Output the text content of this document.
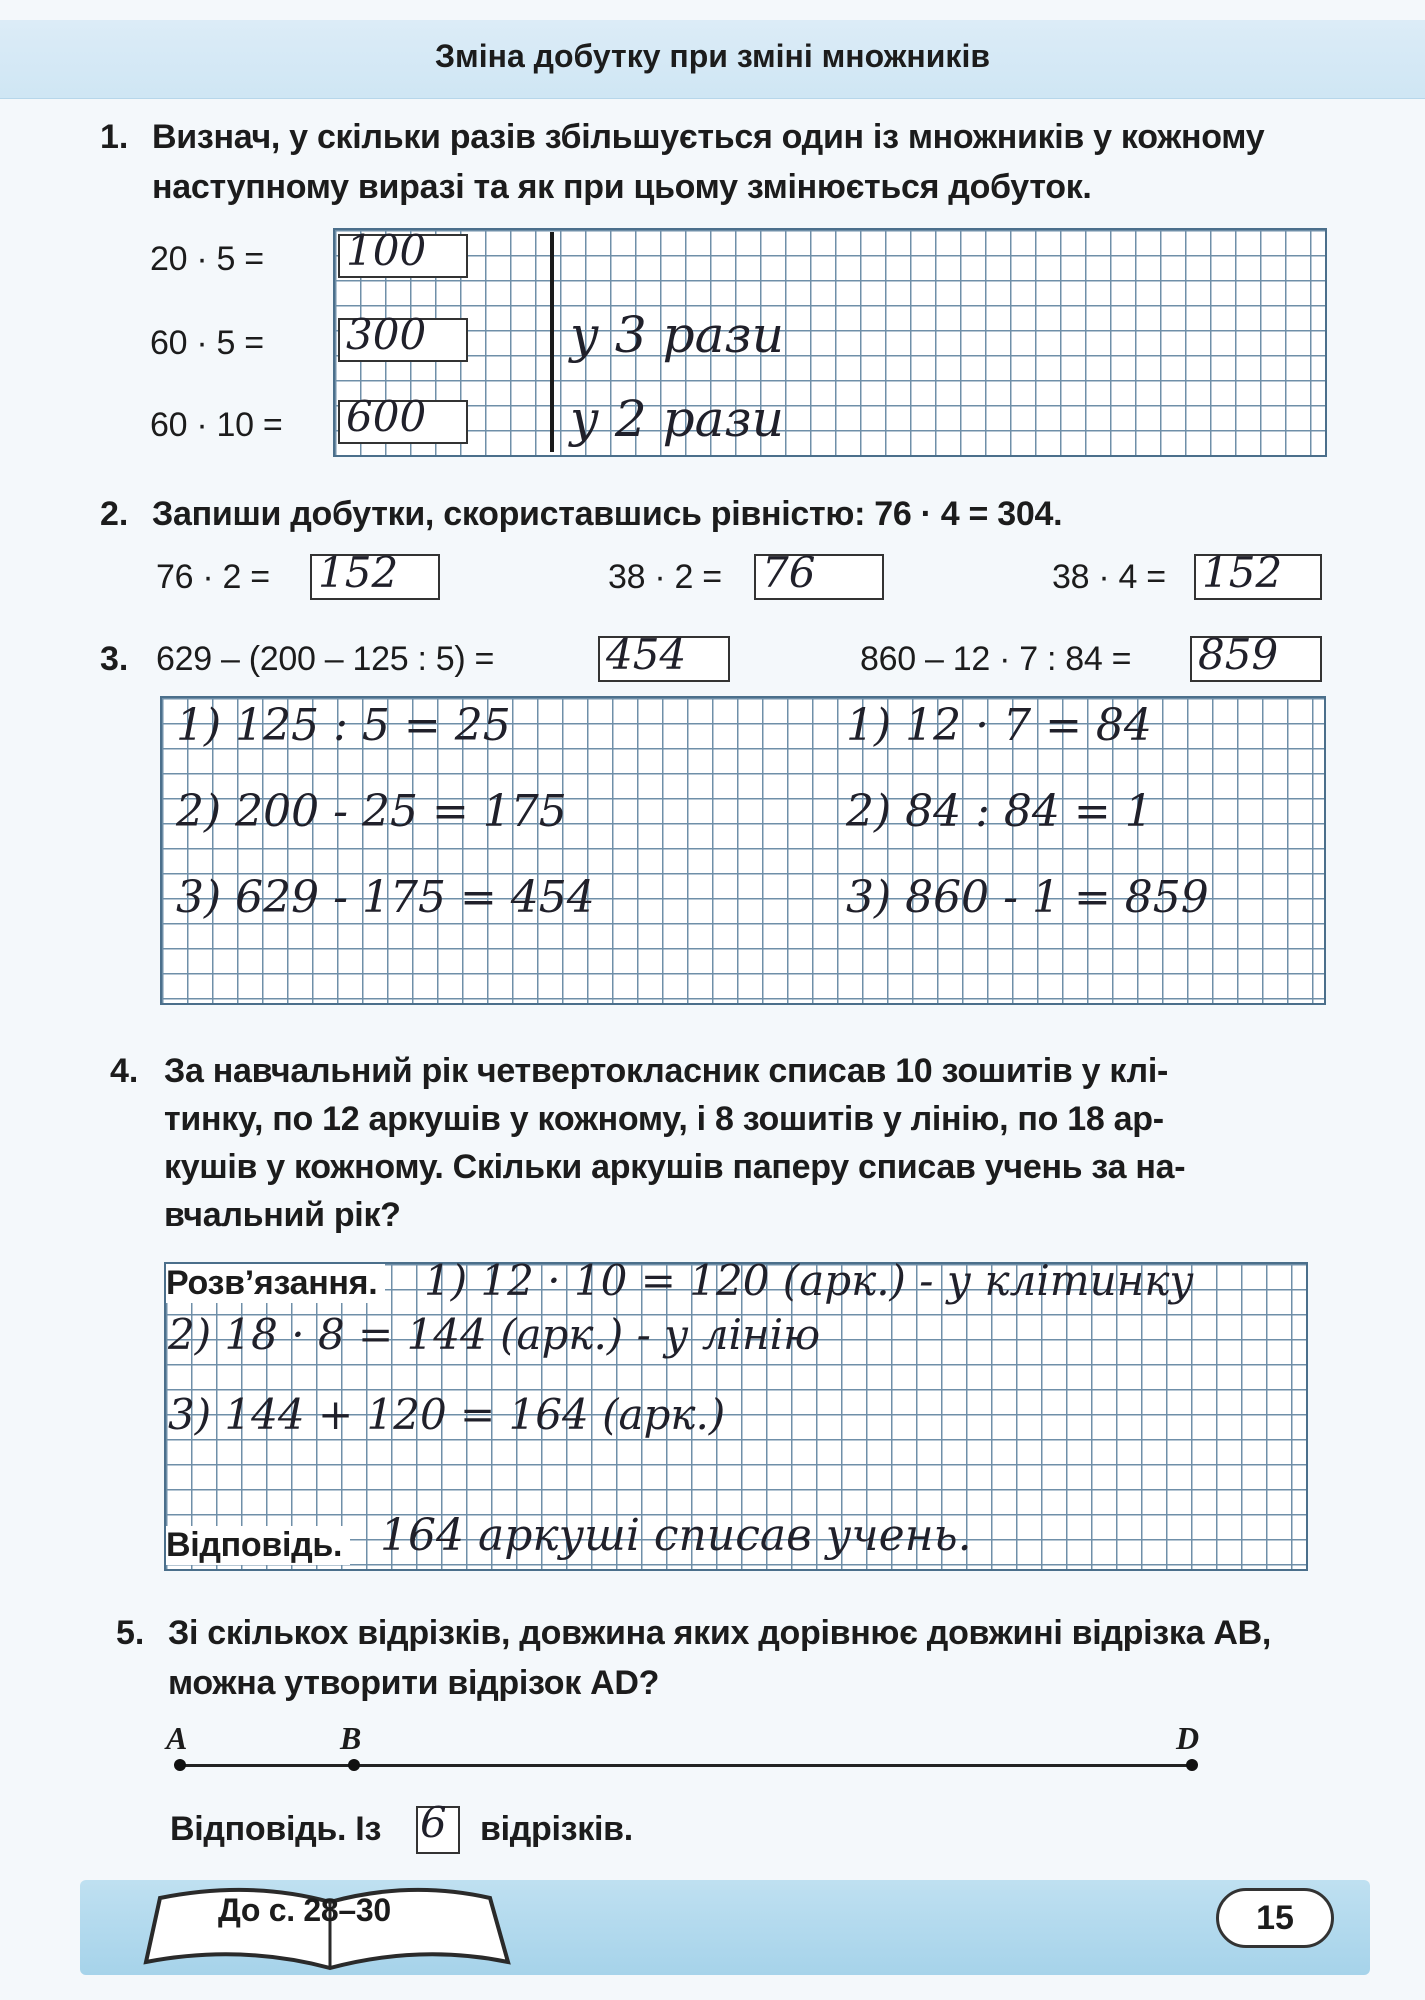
Зміна добутку при зміні множників
1. Визнач, у скільки разів збільшується один із множників у кожному
наступному виразі та як при цьому змінюється добуток.
20 · 5 = 100
60 · 5 = 300	у 3 рази
60 · 10 = 600	у 2 рази
2. Запиши добутки, скориставшись рівністю: 76 · 4 = 304.
76 · 2 = 152	38 · 2 = 76	38 · 4 = 152
3. 629 – (200 – 125 : 5) =	454	860 – 12 · 7 : 84 = 859
1) 125 : 5 = 25
2) 200 - 25 = 175
3) 629 - 175 = 454
1) 12 · 7 = 84
2) 84 : 84 = 1
3) 860 - 1 = 859
4. За навчальний рік четвертокласник списав 10 зошитів у клі-
тинку, по 12 аркушів у кожному, і 8 зошитів у лінію, по 18 ар-
кушів у кожному. Скільки аркушів паперу списав учень за на-
вчальний рік?
Розв’язання. 1) 12 · 10 = 120 (арк.) - у клітинку
2) 18 · 8 = 144 (арк.) - у лінію
3) 144 + 120 = 164 (арк.)
Відповідь. 164 аркуші списав учень.
5. Зі скількох відрізків, довжина яких дорівнює довжині відрізка AB,
можна утворити відрізок AD?
A	B	D
Відповідь. Із 6 відрізків.
До с. 28–30	15
